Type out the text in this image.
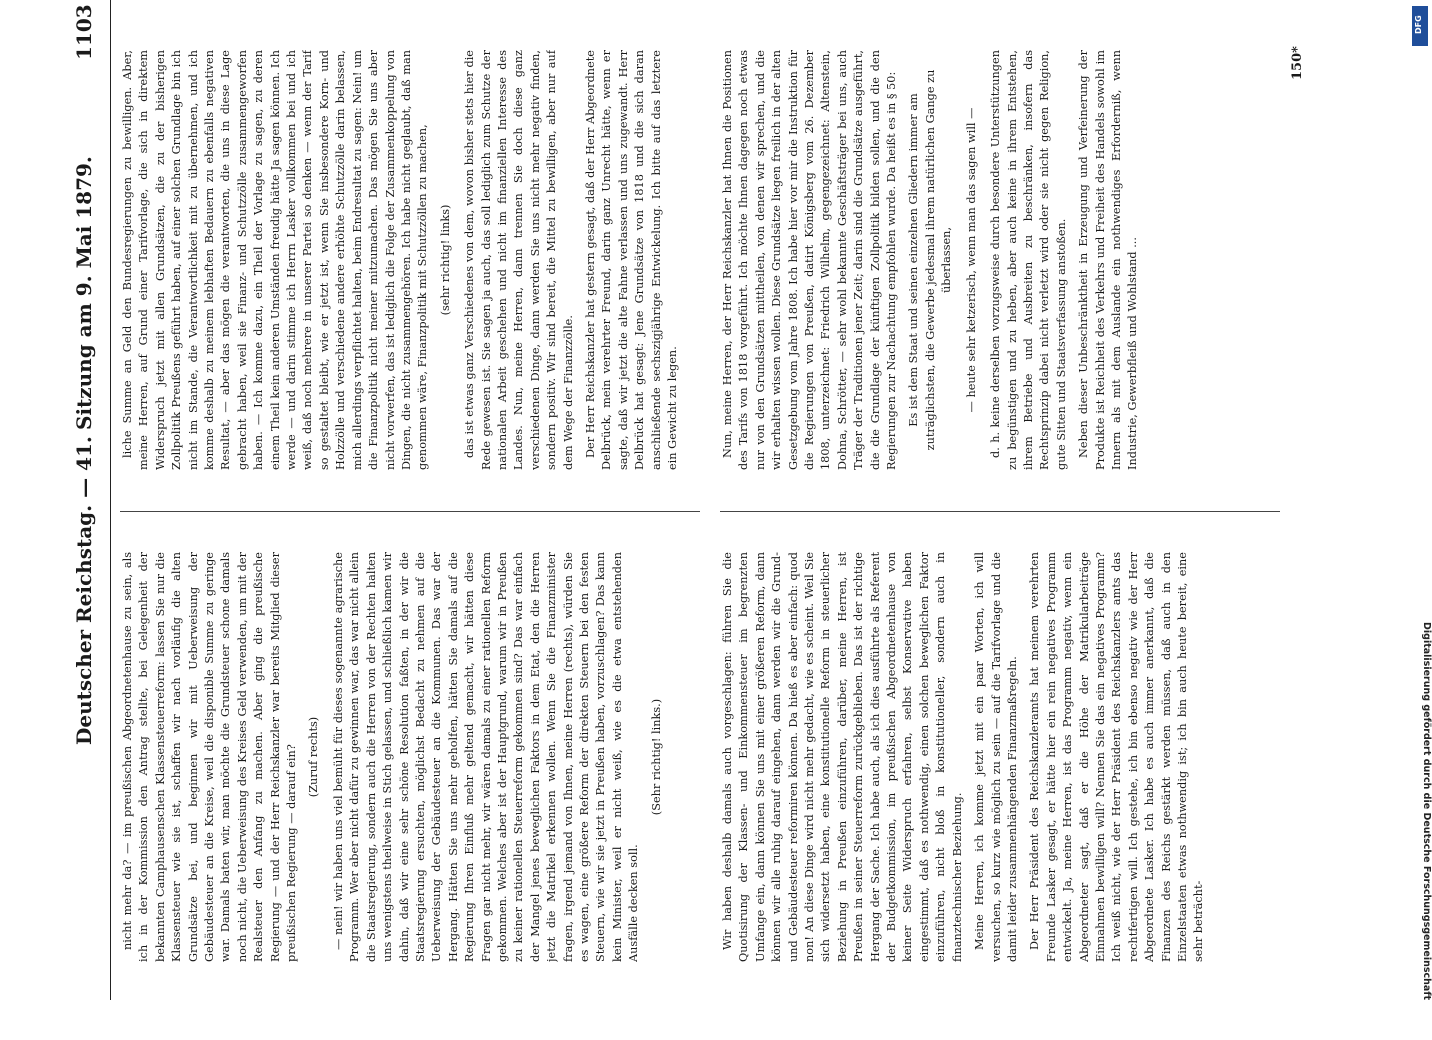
Deutscher Reichstag. — 41.
Sitzung am 9. Mai 1879.
1103

nicht mehr da? — im preußischen Abgeordnetenhause zu sein, als ich in der Kommission den Antrag stellte, bei Gelegenheit der bekannten Camphausenschen Klassensteuerreform: lassen Sie nur die Klassensteuer wie sie ist, schaffen wir nach vorläufig die alten Grundsätze bei, und beginnen wir mit Ueberweisung der Gebäudesteuer an die Kreise, weil die disponible Summe zu geringe war. Damals baten wir, man möchte die Grundsteuer schone damals noch nicht, die Ueberweisung des Kreises Geld verwenden, um mit der Realsteuer den Anfang zu machen. Aber ging die preußische Regierung — und der Herr Reichskanzler war bereits Mitglied dieser preußischen Regierung — darauf ein? (Zuruf rechts) — nein! wir haben uns viel bemüht für dieses sogenannte agrarische Programm. Wer aber nicht dafür zu gewinnen war, das war nicht allein die Staatsregierung, sondern auch die Herren von der Rechten halten uns wenigstens theilweise in Stich gelassen, und schließlich kamen wir dahin, daß wir eine sehr schöne Resolution faßten, in der wir die Staatsregierung ersuchten, möglichst Bedacht zu nehmen auf die Ueberweisung der Gebäudesteuer an die Kommunen. Das war der Hergang. Hätten Sie uns mehr geholfen, hätten Sie damals auf die Regierung Ihren Einfluß mehr geltend gemacht, wir hätten diese Fragen gar nicht mehr, wir wären damals zu einer rationellen Reform gekommen. Welches aber ist der Hauptgrund, warum wir in Preußen zu keiner rationellen Steuerreform gekommen sind? Das war einfach der Mangel jenes beweglichen Faktors in dem Etat, den die Herren jetzt die Matrikel erkennen wollen. Wenn Sie die Finanzminister fragen, irgend jemand von Ihnen, meine Herren (rechts), würden Sie es wagen, eine größere Reform der direkten Steuern bei den festen Steuern, wie wir sie jetzt in Preußen haben, vorzuschlagen? Das kann kein Minister, weil er nicht weiß, wie es die etwa entstehenden Ausfälle decken soll.

(Sehr richtig! links.)

liche Summe an Geld den Bundesregierungen zu bewilligen. Aber, meine Herren, auf Grund einer Tarifvorlage, die sich in direktem Widerspruch jetzt mit allen Grundsätzen, die zu der bisherigen Zollpolitik Preußens geführt haben, auf einer solchen Grundlage bin ich nicht im Stande, die Verantwortlichkeit mit zu übernehmen, und ich komme deshalb zu meinem lebhaften Bedauern zu ebenfalls negativen Resultat, — aber das mögen die verantworten, die uns in diese Lage gebracht haben, weil sie Finanz- und Schutzzölle zusammengeworfen haben. — Ich komme dazu, ein Theil der Vorlage zu sagen, zu deren einem Theil kein anderen Umständen freudig hätte Ja sagen können. Ich werde — und darin stimme ich Herrn Lasker vollkommen bei und ich weiß, daß noch mehrere in unserer Partei so denken — wenn der Tarif so gestaltet bleibt, wie er jetzt ist, wenn Sie insbesondere Korn- und Holzzölle und verschiedene andere erhöhte Schutzzölle darin belassen, mich allerdings verpflichtet halten, beim Endresultat zu sagen: Nein! um die Finanzpolitik nicht meiner mitzumachen. Das mögen Sie uns aber nicht vorwerfen, das ist lediglich die Folge der Zusammenkoppelung von Dingen, die nicht zusammengehören. Ich habe nicht geglaubt, daß man genommen wäre, Finanzpolitik mit Schutzzöllen zu machen, (sehr richtig! links) das ist etwas ganz Verschiedenes von dem, wovon bisher stets hier die Rede gewesen ist. Sie sagen ja auch, das soll lediglich zum Schutze der nationalen Arbeit geschehen und nicht im finanziellen Interesse des Landes. Nun, meine Herren, dann trennen Sie doch diese ganz verschiedenen Dinge, dann werden Sie uns nicht mehr negativ finden, sondern positiv. Wir sind bereit, die Mittel zu bewilligen, aber nur auf dem Wege der Finanzzölle. Der Herr Reichskanzler hat gestern gesagt, daß der Herr Abgeordnete Delbrück, mein verehrter Freund, darin ganz Unrecht hätte, wenn er sagte, daß wir jetzt die alte Fahne verlassen und uns zugewandt. Herr Delbrück hat gesagt: Jene Grundsätze von 1818 und die sich daran anschließende sechszigjährige Entwickelung. Ich bitte auf das letztere ein Gewicht zu legen.

Wir haben deshalb damals auch vorgeschlagen: führen Sie die Quotisirung der Klassen- und Einkommensteuer im begrenzten Umfange ein, dann können Sie uns mit einer größeren Reform, dann können wir alle ruhig darauf eingehen, dann werden wir die Grund- und Gebäudesteuer reformiren können. Da hieß es aber einfach: quod non! An diese Dinge wird nicht mehr gedacht, wie es scheint. Weil Sie sich widersetzt haben, eine konstitutionelle Reform in steuerlicher Beziehung in Preußen einzuführen, darüber, meine Herren, ist Preußen in seiner Steuerreform zurückgeblieben. Das ist der richtige Hergang der Sache. Ich habe auch, als ich dies ausführte als Referent der Budgetkommission, im preußischen Abgeordnetenhause von keiner Seite Widerspruch erfahren, selbst Konservative haben eingestimmt, daß es nothwendig, einen solchen beweglichen Faktor einzuführen, nicht bloß in konstitutioneller, sondern auch in finanztechnischer Beziehung. Meine Herren, ich komme jetzt mit ein paar Worten, ich will versuchen, so kurz wie möglich zu sein — auf die Tarifvorlage und die damit leider zusammenhängenden Finanzmaßregeln. Der Herr Präsident des Reichskanzleramts hat meinem verehrten Freunde Lasker gesagt, er hätte hier ein rein negatives Programm entwickelt. Ja, meine Herren, ist das Programm negativ, wenn ein Abgeordneter sagt, daß er die Höhe der Matrikularbeiträge Einnahmen bewilligen will? Nennen Sie das ein negatives Programm? Ich weiß nicht, wie der Herr Präsident des Reichskanzlers amts das rechtfertigen will. Ich gestehe, ich bin ebenso negativ wie der Herr Abgeordnete Lasker. Ich habe es auch immer anerkannt, daß die Finanzen des Reichs gestärkt werden müssen, daß auch in den Einzelstaaten etwas nothwendig ist; ich bin auch heute bereit, eine sehr beträcht-

Nun, meine Herren, der Herr Reichskanzler hat Ihnen die Positionen des Tarifs von 1818 vorgeführt. Ich möchte Ihnen dagegen noch etwas nur von den Grundsätzen mittheilen, von denen wir sprechen, und die wir erhalten wissen wollen. Diese Grundsätze liegen freilich in der alten Gesetzgebung vom Jahre 1808. Ich habe hier vor mir die Instruktion für die Regierungen von Preußen, datirt Königsberg vom 26. Dezember 1808, unterzeichnet: Friedrich Wilhelm, gegengezeichnet: Altenstein, Dohna, Schrötter, — sehr wohl bekannte Geschäftsträger bei uns, auch Träger der Traditionen jener Zeit; darin sind die Grundsätze ausgeführt, die die Grundlage der künftigen Zollpolitik bilden sollen, und die den Regierungen zur Nachachtung empfohlen wurde. Da heißt es in § 50: Es ist dem Staat und seinen einzelnen Gliedern immer am zuträglichsten, die Gewerbe jedesmal ihrem natürlichen Gange zu überlassen, — heute sehr ketzerisch, wenn man das sagen will — d. h. keine derselben vorzugsweise durch besondere Unterstützungen zu begünstigen und zu heben, aber auch keine in ihrem Entstehen, ihrem Betriebe und Ausbreiten zu beschränken, insofern das Rechtsprinzip dabei nicht verletzt wird oder sie nicht gegen Religion, gute Sitten und Staatsverfassung anstoßen. Neben dieser Unbeschränktheit in Erzeugung und Verfeinerung der Produkte ist Reichheit des Verkehrs und Freiheit des Handels sowohl im Innern als mit dem Auslande ein nothwendiges Erforderniß, wenn Industrie, Gewerbfleiß und Wohlstand ...

150*
DFG
Digitalisierung gefördert durch die Deutsche Forschungsgemeinschaft
